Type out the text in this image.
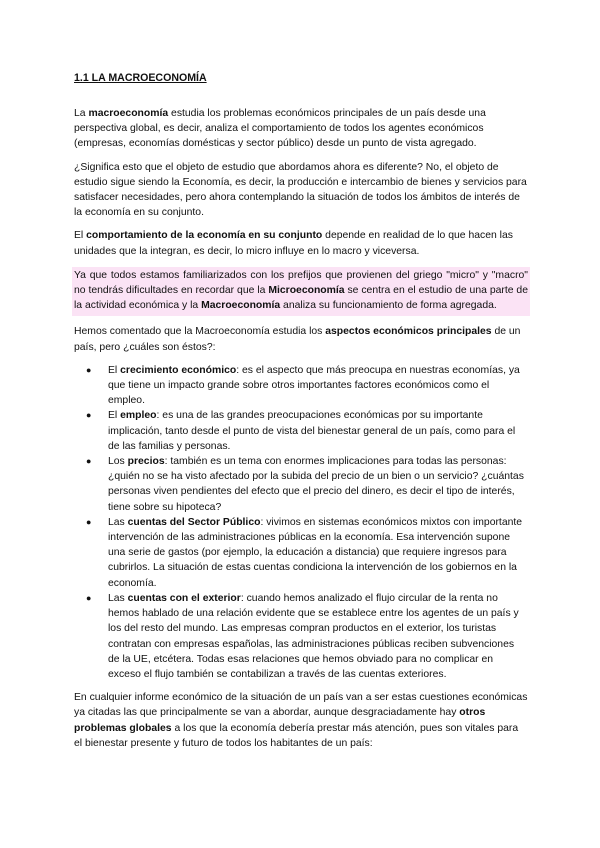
1.1 LA MACROECONOMÍA

La macroeconomía estudia los problemas económicos principales de un país desde una perspectiva global, es decir, analiza el comportamiento de todos los agentes económicos (empresas, economías domésticas y sector público) desde un punto de vista agregado.

¿Significa esto que el objeto de estudio que abordamos ahora es diferente? No, el objeto de estudio sigue siendo la Economía, es decir, la producción e intercambio de bienes y servicios para satisfacer necesidades, pero ahora contemplando la situación de todos los ámbitos de interés de la economía en su conjunto.

El comportamiento de la economía en su conjunto depende en realidad de lo que hacen las unidades que la integran, es decir, lo micro influye en lo macro y viceversa.

Ya que todos estamos familiarizados con los prefijos que provienen del griego "micro" y "macro" no tendrás dificultades en recordar que la Microeconomía se centra en el estudio de una parte de la actividad económica y la Macroeconomía analiza su funcionamiento de forma agregada.

Hemos comentado que la Macroeconomía estudia los aspectos económicos principales de un país, pero ¿cuáles son éstos?:

● El crecimiento económico: es el aspecto que más preocupa en nuestras economías, ya que tiene un impacto grande sobre otros importantes factores económicos como el empleo.
● El empleo: es una de las grandes preocupaciones económicas por su importante implicación, tanto desde el punto de vista del bienestar general de un país, como para el de las familias y personas.
● Los precios: también es un tema con enormes implicaciones para todas las personas: ¿quién no se ha visto afectado por la subida del precio de un bien o un servicio? ¿cuántas personas viven pendientes del efecto que el precio del dinero, es decir el tipo de interés, tiene sobre su hipoteca?
● Las cuentas del Sector Público: vivimos en sistemas económicos mixtos con importante intervención de las administraciones públicas en la economía. Esa intervención supone una serie de gastos (por ejemplo, la educación a distancia) que requiere ingresos para cubrirlos. La situación de estas cuentas condiciona la intervención de los gobiernos en la economía.
● Las cuentas con el exterior: cuando hemos analizado el flujo circular de la renta no hemos hablado de una relación evidente que se establece entre los agentes de un país y los del resto del mundo. Las empresas compran productos en el exterior, los turistas contratan con empresas españolas, las administraciones públicas reciben subvenciones de la UE, etcétera. Todas esas relaciones que hemos obviado para no complicar en exceso el flujo también se contabilizan a través de las cuentas exteriores.

En cualquier informe económico de la situación de un país van a ser estas cuestiones económicas ya citadas las que principalmente se van a abordar, aunque desgraciadamente hay otros problemas globales a los que la economía debería prestar más atención, pues son vitales para el bienestar presente y futuro de todos los habitantes de un país:
